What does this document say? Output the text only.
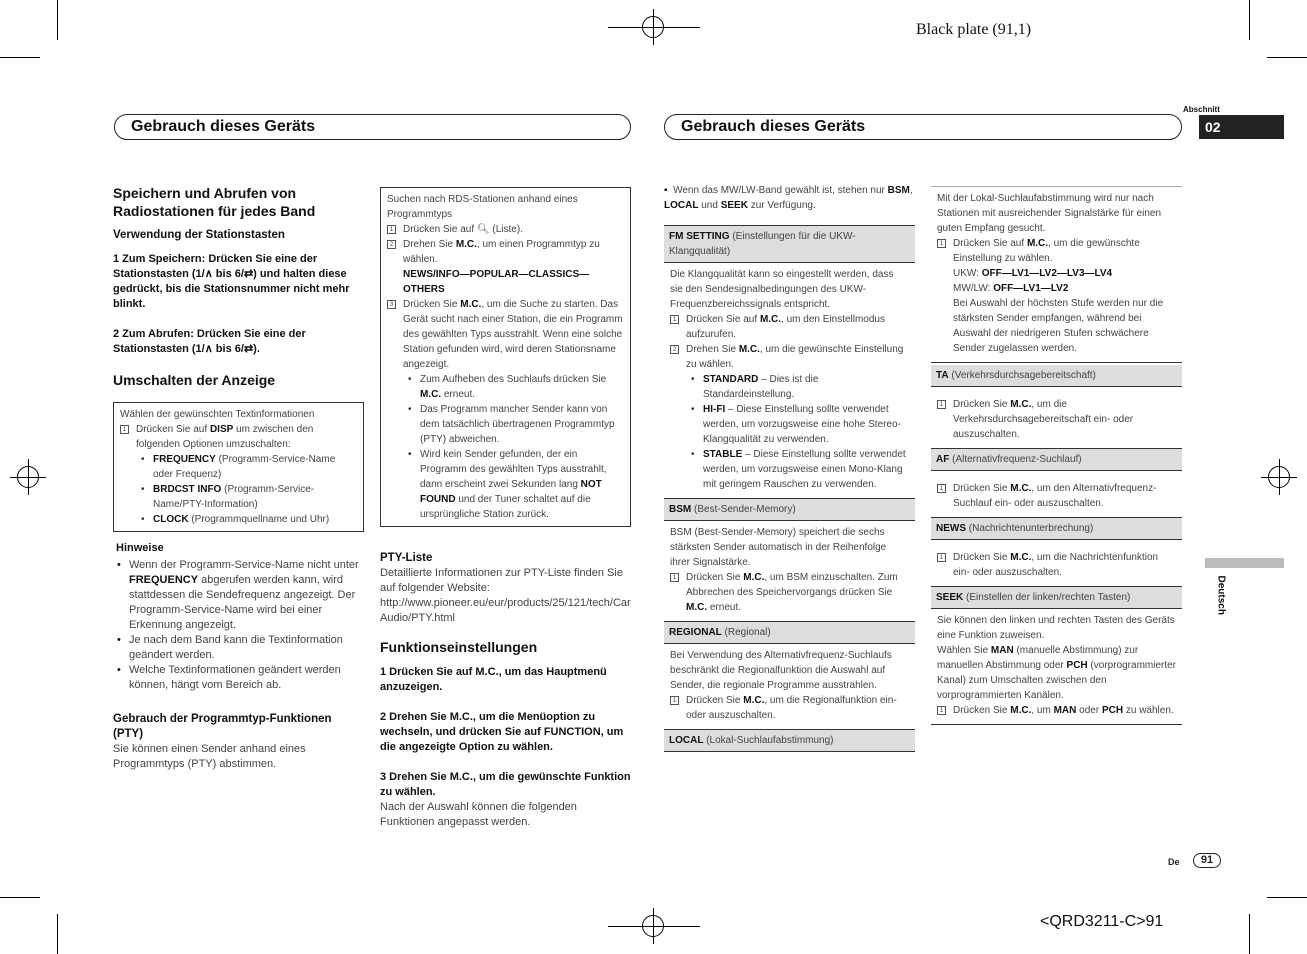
Black plate (91,1)
<QRD3211-C>91
Gebrauch dieses Geräts	Gebrauch dieses Geräts
Abschnitt
02
Deutsch
De	91
Speichern und Abrufen von Radiostationen für jedes Band
Verwendung der Stationstasten

1 Zum Speichern: Drücken Sie eine der Stationstasten (1/∧ bis 6/⇄) und halten diese gedrückt, bis die Stationsnummer nicht mehr blinkt.

2 Zum Abrufen: Drücken Sie eine der Stationstasten (1/∧ bis 6/⇄).

Umschalten der Anzeige

Wählen der gewünschten Textinformationen

1 Drücken Sie auf DISP um zwischen den folgenden Optionen umzuschalten:
• FREQUENCY (Programm-Service-Name oder Frequenz)
• BRDCST INFO (Programm-Service-Name/PTY-Information)
• CLOCK (Programmquellname und Uhr)

Hinweise

• Wenn der Programm-Service-Name nicht unter FREQUENCY abgerufen werden kann, wird stattdessen die Sendefrequenz angezeigt. Der Programm-Service-Name wird bei einer Erkennung angezeigt.
• Je nach dem Band kann die Textinformation geändert werden.
• Welche Textinformationen geändert werden können, hängt vom Bereich ab.
Gebrauch der Programmtyp-Funktionen (PTY)

Sie können einen Sender anhand eines Programmtyps (PTY) abstimmen.

Suchen nach RDS-Stationen anhand eines Programmtyps

1 Drücken Sie auf 🔍︎ (Liste).
2 Drehen Sie M.C., um einen Programmtyp zu wählen.
NEWS/INFO—POPULAR—CLASSICS—OTHERS
3 Drücken Sie M.C., um die Suche zu starten. Das Gerät sucht nach einer Station, die ein Programm des gewählten Typs ausstrahlt. Wenn eine solche Station gefunden wird, wird deren Stationsname angezeigt.
• Zum Aufheben des Suchlaufs drücken Sie M.C. erneut.
• Das Programm mancher Sender kann von dem tatsächlich übertragenen Programmtyp (PTY) abweichen.
• Wird kein Sender gefunden, der ein Programm des gewählten Typs ausstrahlt, dann erscheint zwei Sekunden lang NOT FOUND und der Tuner schaltet auf die ursprüngliche Station zurück.
PTY-Liste

Detaillierte Informationen zur PTY-Liste finden Sie auf folgender Website:

http://www.pioneer.eu/eur/products/25/121/tech/CarAudio/PTY.html

Funktionseinstellungen

1 Drücken Sie auf M.C., um das Hauptmenü anzuzeigen.

2 Drehen Sie M.C., um die Menüoption zu wechseln, und drücken Sie auf FUNCTION, um die angezeigte Option zu wählen.

3 Drehen Sie M.C., um die gewünschte Funktion zu wählen.

Nach der Auswahl können die folgenden Funktionen angepasst werden.

▪  Wenn das MW/LW-Band gewählt ist, stehen nur BSM, LOCAL und SEEK zur Verfügung.
FM SETTING (Einstellungen für die UKW-Klangqualität)

Die Klangqualität kann so eingestellt werden, dass sie den Sendesignalbedingungen des UKW-Frequenzbereichssignals entspricht.

1 Drücken Sie auf M.C., um den Einstellmodus aufzurufen.
2 Drehen Sie M.C., um die gewünschte Einstellung zu wählen.
• STANDARD – Dies ist die Standardeinstellung.
• HI-FI – Diese Einstellung sollte verwendet werden, um vorzugsweise eine hohe Stereo-Klangqualität zu verwenden.
• STABLE – Diese Einstellung sollte verwendet werden, um vorzugsweise einen Mono-Klang mit geringem Rauschen zu verwenden.
BSM (Best-Sender-Memory)

BSM (Best-Sender-Memory) speichert die sechs stärksten Sender automatisch in der Reihenfolge ihrer Signalstärke.

1 Drücken Sie M.C., um BSM einzuschalten. Zum Abbrechen des Speichervorgangs drücken Sie M.C. erneut.
REGIONAL (Regional)

Bei Verwendung des Alternativfrequenz-Suchlaufs beschränkt die Regionalfunktion die Auswahl auf Sender, die regionale Programme ausstrahlen.

1 Drücken Sie M.C., um die Regionalfunktion ein- oder auszuschalten.
LOCAL (Lokal-Suchlaufabstimmung)

Mit der Lokal-Suchlaufabstimmung wird nur nach Stationen mit ausreichender Signalstärke für einen guten Empfang gesucht.

1 Drücken Sie auf M.C., um die gewünschte Einstellung zu wählen.
UKW: OFF—LV1—LV2—LV3—LV4
MW/LW: OFF—LV1—LV2
Bei Auswahl der höchsten Stufe werden nur die stärksten Sender empfangen, während bei Auswahl der niedrigeren Stufen schwächere Sender zugelassen werden.
TA (Verkehrsdurchsagebereitschaft)
1 Drücken Sie M.C., um die Verkehrsdurchsagebereitschaft ein- oder auszuschalten.
AF (Alternativfrequenz-Suchlauf)
1 Drücken Sie M.C., um den Alternativfrequenz-Suchlauf ein- oder auszuschalten.
NEWS (Nachrichtenunterbrechung)
1 Drücken Sie M.C., um die Nachrichtenfunktion ein- oder auszuschalten.
SEEK (Einstellen der linken/rechten Tasten)

Sie können den linken und rechten Tasten des Geräts eine Funktion zuweisen.

Wählen Sie MAN (manuelle Abstimmung) zur manuellen Abstimmung oder PCH (vorprogrammierter Kanal) zum Umschalten zwischen den vorprogrammierten Kanälen.

1 Drücken Sie M.C., um MAN oder PCH zu wählen.
